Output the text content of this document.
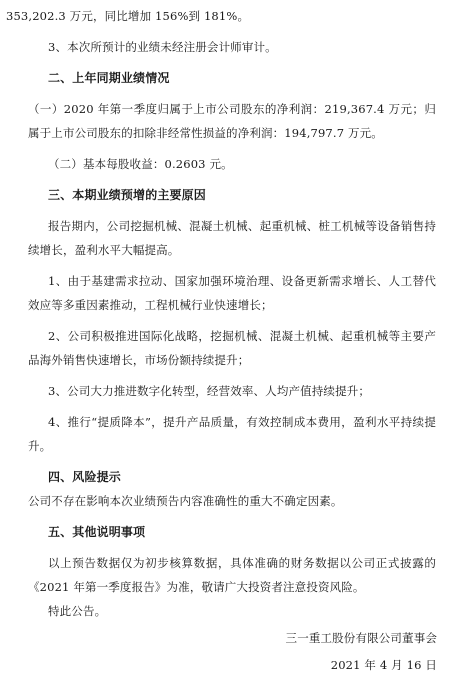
353,202.3 万元，同比增加 156%到 181%。
3、本次所预计的业绩未经注册会计师审计。
二、上年同期业绩情况
（一）2020 年第一季度归属于上市公司股东的净利润：219,367.4 万元；归
属于上市公司股东的扣除非经常性损益的净利润：194,797.7 万元。
（二）基本每股收益：0.2603 元。
三、本期业绩预增的主要原因
报告期内，公司挖掘机械、混凝土机械、起重机械、桩工机械等设备销售持
续增长，盈利水平大幅提高。
1、由于基建需求拉动、国家加强环境治理、设备更新需求增长、人工替代
效应等多重因素推动，工程机械行业快速增长；
2、公司积极推进国际化战略，挖掘机械、混凝土机械、起重机械等主要产
品海外销售快速增长，市场份额持续提升；
3、公司大力推进数字化转型，经营效率、人均产值持续提升；
4、推行“提质降本”，提升产品质量，有效控制成本费用，盈利水平持续提
升。
四、风险提示
公司不存在影响本次业绩预告内容准确性的重大不确定因素。
五、其他说明事项
以上预告数据仅为初步核算数据，具体准确的财务数据以公司正式披露的
《2021 年第一季度报告》为准，敬请广大投资者注意投资风险。
特此公告。
三一重工股份有限公司董事会
2021 年 4 月 16 日
